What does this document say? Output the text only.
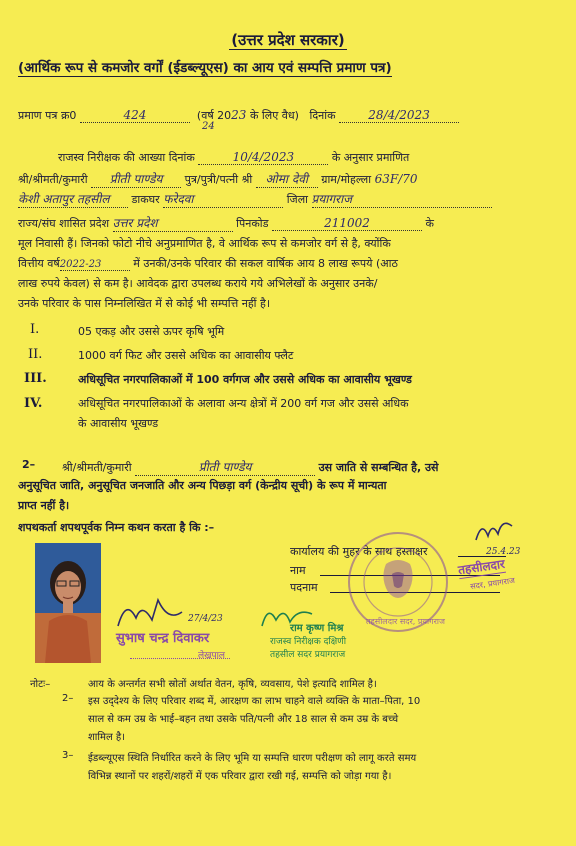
(उत्तर प्रदेश सरकार)
(आर्थिक रूप से कमजोर वर्गों (ईडब्ल्यूएस) का आय एवं सम्पत्ति प्रमाण पत्र)
प्रमाण पत्र क्र0	424	(वर्ष 2023 के लिए वैध) दिनांक	28/4/2023
24
राजस्व निरीक्षक की आख्या दिनांक	10/4/2023	के अनुसार प्रमाणित
श्री/श्रीमती/कुमारी प्रीती पाण्डेय पुत्र/पुत्री/पत्नी श्री ओमा देवी ग्राम/मोहल्ला 63F/70
केशी अतापुर तहसील डाकघर फरेदवा	जिला प्रयागराज
राज्य/संघ शासित प्रदेश उत्तर प्रदेश	पिनकोड	211002	के
मूल निवासी हैं। जिनको फोटो नीचे अनुप्रमाणित है, वे आर्थिक रूप से कमजोर वर्ग से है, क्योंकि
वित्तीय वर्ष2022-23	में उनकी/उनके परिवार की सकल वार्षिक आय 8 लाख रूपये (आठ
लाख रुपये केवल) से कम है। आवेदक द्वारा उपलब्ध कराये गये अभिलेखों के अनुसार उनके/
उनके परिवार के पास निम्नलिखित में से कोई भी सम्पत्ति नहीं है।
I.	05 एकड़ और उससे ऊपर कृषि भूमि
II.	1000 वर्ग फिट और उससे अधिक का आवासीय फ्लैट
III.	अधिसूचित नगरपालिकाओं में 100 वर्गगज और उससे अधिक का आवासीय भूखण्ड
IV.	अधिसूचित नगरपालिकाओं के अलावा अन्य क्षेत्रों में 200 वर्ग गज और उससे अधिक
के आवासीय भूखण्ड
2– श्री/श्रीमती/कुमारी	प्रीती पाण्डेय	उस जाति से सम्बन्धित है, उसे
अनुसूचित जाति, अनुसूचित जनजाति और अन्य पिछड़ा वर्ग (केन्द्रीय सूची) के रूप में मान्यता
प्राप्त नहीं है।
शपथकर्ता शपथपूर्वक निम्न कथन करता है कि :–
कार्यालय की मुहर के साथ हस्ताक्षर
नाम
पदनाम
25.4.23
तहसीलदार
सदर, प्रयागराज
तहसीलदार सदर, प्रयागराज
27/4/23
सुभाष चन्द्र दिवाकर
लेखपाल
राम कृष्ण मिश्र
राजस्व निरीक्षक दक्षिणी
तहसील सदर प्रयागराज
नोटः–	आय के अन्तर्गत सभी स्रोतों अर्थात वेतन, कृषि, व्यवसाय, पेशे इत्यादि शामिल है।
2– इस उद्‌देश्य के लिए परिवार शब्द में, आरक्षण का लाभ चाहने वाले व्यक्ति के माता–पिता, 10
साल से कम उम्र के भाई–बहन तथा उसके पति/पत्नी और 18 साल से कम उम्र के बच्चे
शामिल है।
3– ईडब्ल्यूएस स्थिति निर्धारित करने के लिए भूमि या सम्पत्ति धारण परीक्षण को लागू करते समय
विभिन्न स्थानों पर शहरों/शहरों में एक परिवार द्वारा रखी गई, सम्पत्ति को जोड़ा गया है।
